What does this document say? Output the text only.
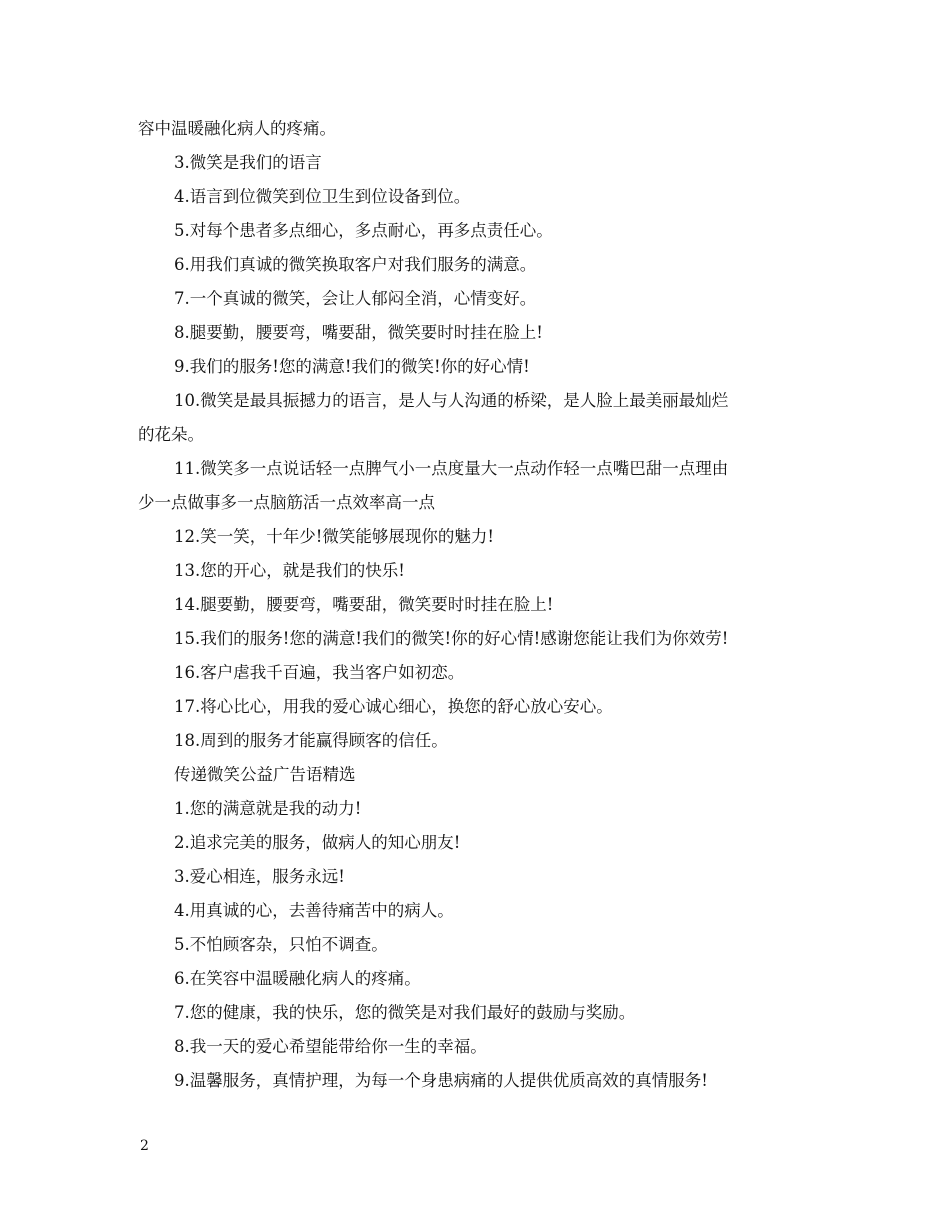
容中温暖融化病人的疼痛。
3.微笑是我们的语言
4.语言到位微笑到位卫生到位设备到位。
5.对每个患者多点细心，多点耐心，再多点责任心。
6.用我们真诚的微笑换取客户对我们服务的满意。
7.一个真诚的微笑，会让人郁闷全消，心情变好。
8.腿要勤，腰要弯，嘴要甜，微笑要时时挂在脸上!
9.我们的服务!您的满意!我们的微笑!你的好心情!
10.微笑是最具振撼力的语言，是人与人沟通的桥梁，是人脸上最美丽最灿烂
的花朵。
11.微笑多一点说话轻一点脾气小一点度量大一点动作轻一点嘴巴甜一点理由
少一点做事多一点脑筋活一点效率高一点
12.笑一笑，十年少!微笑能够展现你的魅力!
13.您的开心，就是我们的快乐!
14.腿要勤，腰要弯，嘴要甜，微笑要时时挂在脸上!
15.我们的服务!您的满意!我们的微笑!你的好心情!感谢您能让我们为你效劳!
16.客户虐我千百遍，我当客户如初恋。
17.将心比心，用我的爱心诚心细心，换您的舒心放心安心。
18.周到的服务才能赢得顾客的信任。
传递微笑公益广告语精选
1.您的满意就是我的动力!
2.追求完美的服务，做病人的知心朋友!
3.爱心相连，服务永远!
4.用真诚的心，去善待痛苦中的病人。
5.不怕顾客杂，只怕不调查。
6.在笑容中温暖融化病人的疼痛。
7.您的健康，我的快乐，您的微笑是对我们最好的鼓励与奖励。
8.我一天的爱心希望能带给你一生的幸福。
9.温馨服务，真情护理，为每一个身患病痛的人提供优质高效的真情服务!
2
